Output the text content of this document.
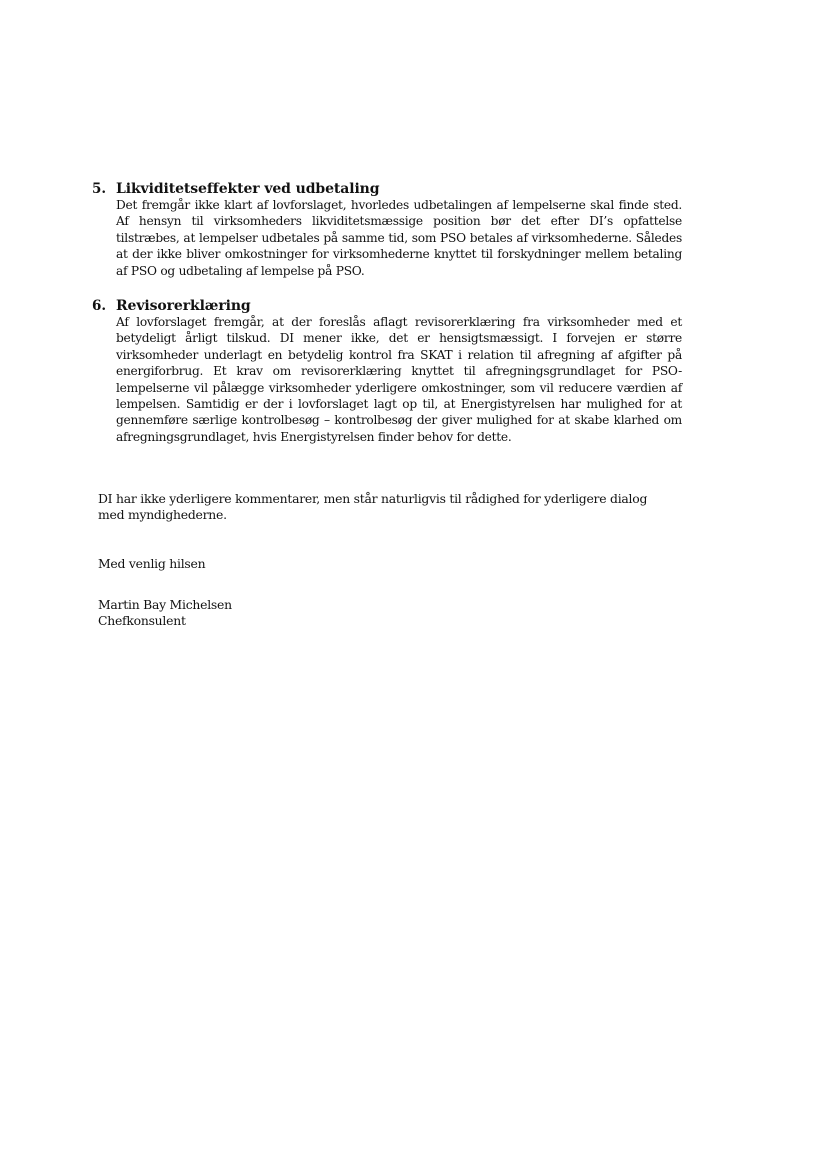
5. Likviditetseffekter ved udbetaling
Det fremgår ikke klart af lovforslaget, hvorledes udbetalingen af lempelserne skal finde sted. Af hensyn til virksomheders likviditetsmæssige position bør det efter DI’s opfattelse tilstræbes, at lempelser udbetales på samme tid, som PSO betales af virksomhederne. Således at der ikke bliver omkostninger for virksomhederne knyttet til forskydninger mellem betaling af PSO og udbetaling af lempelse på PSO.
6. Revisorerklæring
Af lovforslaget fremgår, at der foreslås aflagt revisorerklæring fra virksomheder med et betydeligt årligt tilskud. DI mener ikke, det er hensigtsmæssigt. I forvejen er større virksomheder underlagt en betydelig kontrol fra SKAT i relation til afregning af afgifter på energiforbrug. Et krav om revisorerklæring knyttet til afregningsgrundlaget for PSO-lempelserne vil pålægge virksomheder yderligere omkostninger, som vil reducere værdien af lempelsen. Samtidig er der i lovforslaget lagt op til, at Energistyrelsen har mulighed for at gennemføre særlige kontrolbesøg – kontrolbesøg der giver mulighed for at skabe klarhed om afregningsgrundlaget, hvis Energistyrelsen finder behov for dette.
DI har ikke yderligere kommentarer, men står naturligvis til rådighed for yderligere dialog med myndighederne.
Med venlig hilsen
Martin Bay Michelsen
Chefkonsulent
